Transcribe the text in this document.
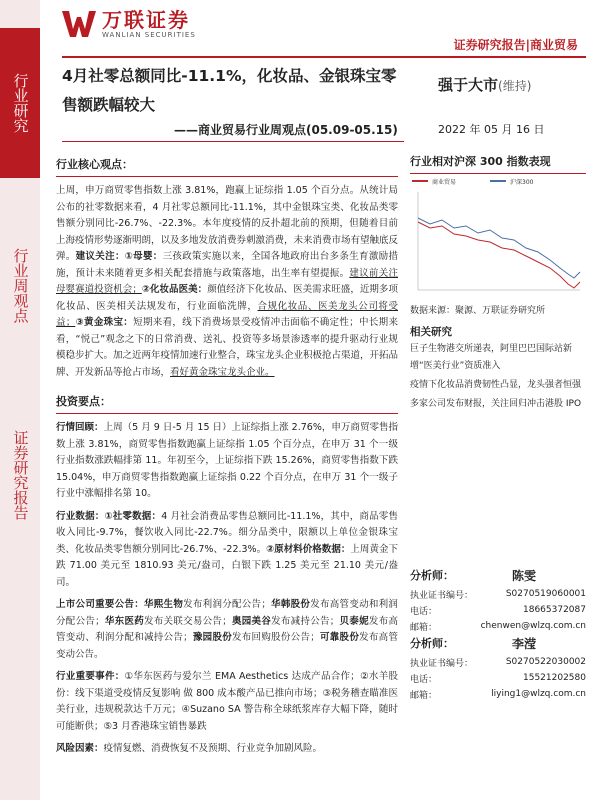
行业研究
行业周观点
证券研究报告
万联证券
WANLIAN SECURITIES
证券研究报告|商业贸易
4月社零总额同比-11.1%，化妆品、金银珠宝零售额跌幅较大
——商业贸易行业周观点(05.09-05.15)
强于大市(维持)
2022 年 05 月 16 日
行业核心观点：
上周，申万商贸零售指数上涨 3.81%，跑赢上证综指 1.05 个百分点。从统计局公布的社零数据来看，4 月社零总额同比-11.1%，其中金银珠宝类、化妆品类零售额分别同比-26.7%、-22.3%。本年度疫情的反扑超北前的预期，但随着目前上海疫情形势逐渐明朗，以及多地发放消费券刺激消费，未来消费市场有望触底反弹。建议关注：①母婴：三孩政策实施以来，全国各地政府出台多条生育激励措施，预计未来随着更多相关配套措施与政策落地，出生率有望提振。建议前关注母婴赛道投资机会；②化妆品医美：颜值经济下化妆品、医美需求旺盛，近期多项化妆品、医美相关法规发布，行业面临洗牌，合规化妆品、医美龙头公司将受益；③黄金珠宝：短期来看，线下消费场景受疫情冲击面临不确定性；中长期来看，“悦己”观念之下的日常消费、送礼、投资等多场景渗透率的提升驱动行业规模稳步扩大。加之近两年疫情加速行业整合，珠宝龙头企业积极抢占渠道，开拓品牌、开发新品等抢占市场，看好黄金珠宝龙头企业。
投资要点：
行情回顾：上周（5 月 9 日-5 月 15 日）上证综指上涨 2.76%，申万商贸零售指数上涨 3.81%，商贸零售指数跑赢上证综指 1.05 个百分点，在申万 31 个一级行业指数涨跌幅排第 11。年初至今，上证综指下跌 15.26%，商贸零售指数下跌 15.04%，申万商贸零售指数跑赢上证综指 0.22 个百分点，在申万 31 个一级子行业中涨幅排名第 10。
行业数据：①社零数据：4 月社会消费品零售总额同比-11.1%，其中，商品零售收入同比-9.7%，餐饮收入同比-22.7%。细分品类中，限额以上单位金银珠宝类、化妆品类零售额分别同比-26.7%、-22.3%。②原材料价格数据：上周黄金下跌 71.00 美元至 1810.93 美元/盎司，白银下跌 1.25 美元至 21.10 美元/盎司。
上市公司重要公告：华熙生物发布利润分配公告；华韩股份发布高管变动和利润分配公告；华东医药发布关联交易公告；奥园美谷发布减持公告；贝泰妮发布高管变动、利润分配和减持公告；豫园股份发布回购股份公告；可靠股份发布高管变动公告。
行业重要事件：①华东医药与爱尔兰 EMA Aesthetics 达成产品合作；②水羊股份：线下渠道受疫情反复影响 做 800 成本酸产品已推向市场；③税务稽查瞄准医美行业，违规税款达千万元；④Suzano SA 警告称全球纸浆库存大幅下降，随时可能断供；⑤3 月香港珠宝销售暴跌
风险因素：疫情复燃、消费恢复不及预期、行业竞争加剧风险。
行业相对沪深 300 指数表现
商业贸易	沪深300
数据来源：聚源、万联证券研究所
相关研究
巨子生物港交所递表，阿里巴巴国际站新增“医美行业”资质准入
疫情下化妆品消费韧性凸显，龙头强者恒强
多家公司发布财报，关注回归冲击港股 IPO
分析师：	陈雯
执业证书编号：	S0270519060001
电话：	18665372087
邮箱：	chenwen@wlzq.com.cn
分析师：	李滢
执业证书编号：	S0270522030002
电话：	15521202580
邮箱：	liying1@wlzq.com.cn
